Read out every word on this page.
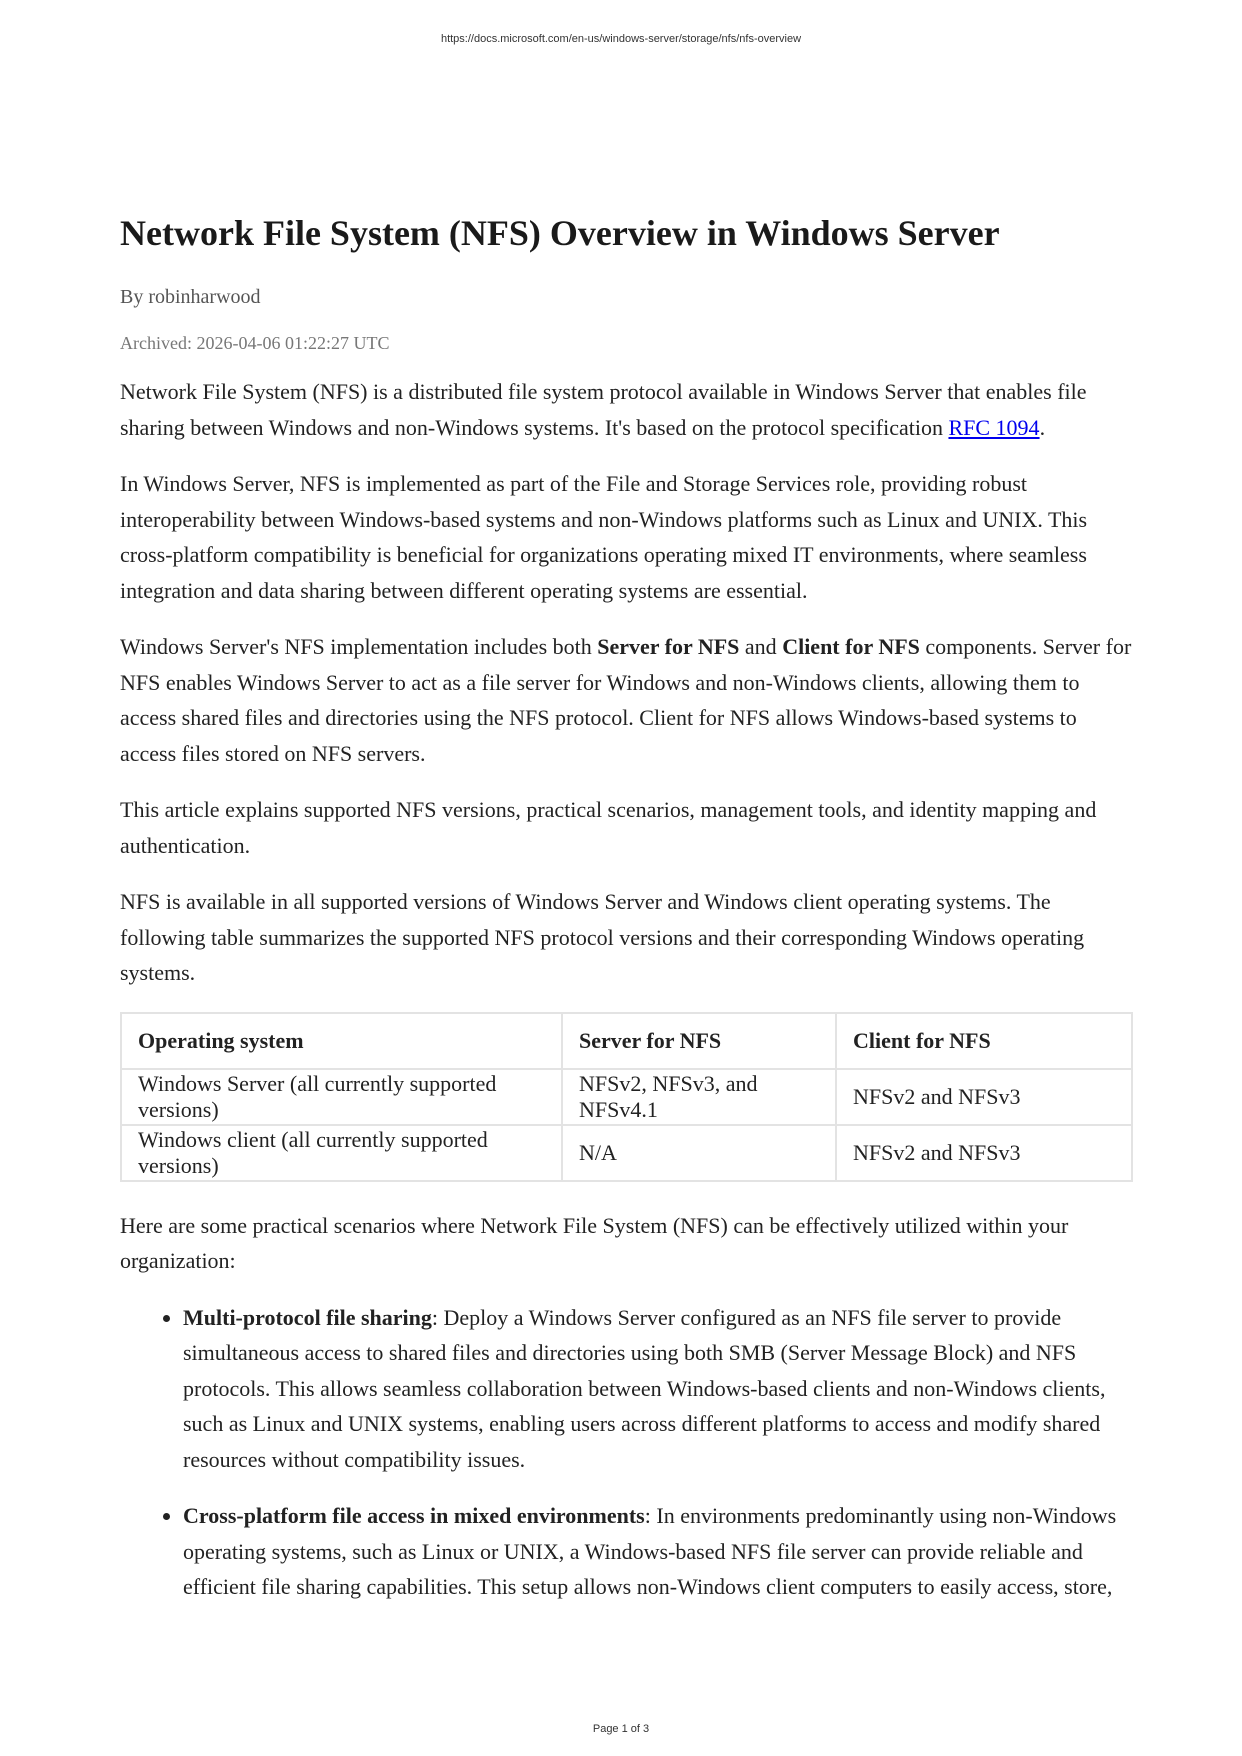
https://docs.microsoft.com/en-us/windows-server/storage/nfs/nfs-overview
Network File System (NFS) Overview in Windows Server
By robinharwood
Archived: 2026-04-06 01:22:27 UTC

Network File System (NFS) is a distributed file system protocol available in Windows Server that enables file sharing between Windows and non-Windows systems. It's based on the protocol specification RFC 1094.

In Windows Server, NFS is implemented as part of the File and Storage Services role, providing robust interoperability between Windows-based systems and non-Windows platforms such as Linux and UNIX. This cross-platform compatibility is beneficial for organizations operating mixed IT environments, where seamless integration and data sharing between different operating systems are essential.

Windows Server's NFS implementation includes both Server for NFS and Client for NFS components. Server for NFS enables Windows Server to act as a file server for Windows and non-Windows clients, allowing them to access shared files and directories using the NFS protocol. Client for NFS allows Windows-based systems to access files stored on NFS servers.

This article explains supported NFS versions, practical scenarios, management tools, and identity mapping and authentication.

NFS is available in all supported versions of Windows Server and Windows client operating systems. The following table summarizes the supported NFS protocol versions and their corresponding Windows operating systems.

Operating system	Server for NFS	Client for NFS
Windows Server (all currently supported versions)	NFSv2, NFSv3, and NFSv4.1	NFSv2 and NFSv3
Windows client (all currently supported versions)	N/A	NFSv2 and NFSv3

Here are some practical scenarios where Network File System (NFS) can be effectively utilized within your organization:

• Multi-protocol file sharing: Deploy a Windows Server configured as an NFS file server to provide simultaneous access to shared files and directories using both SMB (Server Message Block) and NFS protocols. This allows seamless collaboration between Windows-based clients and non-Windows clients, such as Linux and UNIX systems, enabling users across different platforms to access and modify shared resources without compatibility issues.
• Cross-platform file access in mixed environments: In environments predominantly using non-Windows operating systems, such as Linux or UNIX, a Windows-based NFS file server can provide reliable and efficient file sharing capabilities. This setup allows non-Windows client computers to easily access, store,
Page 1 of 3
